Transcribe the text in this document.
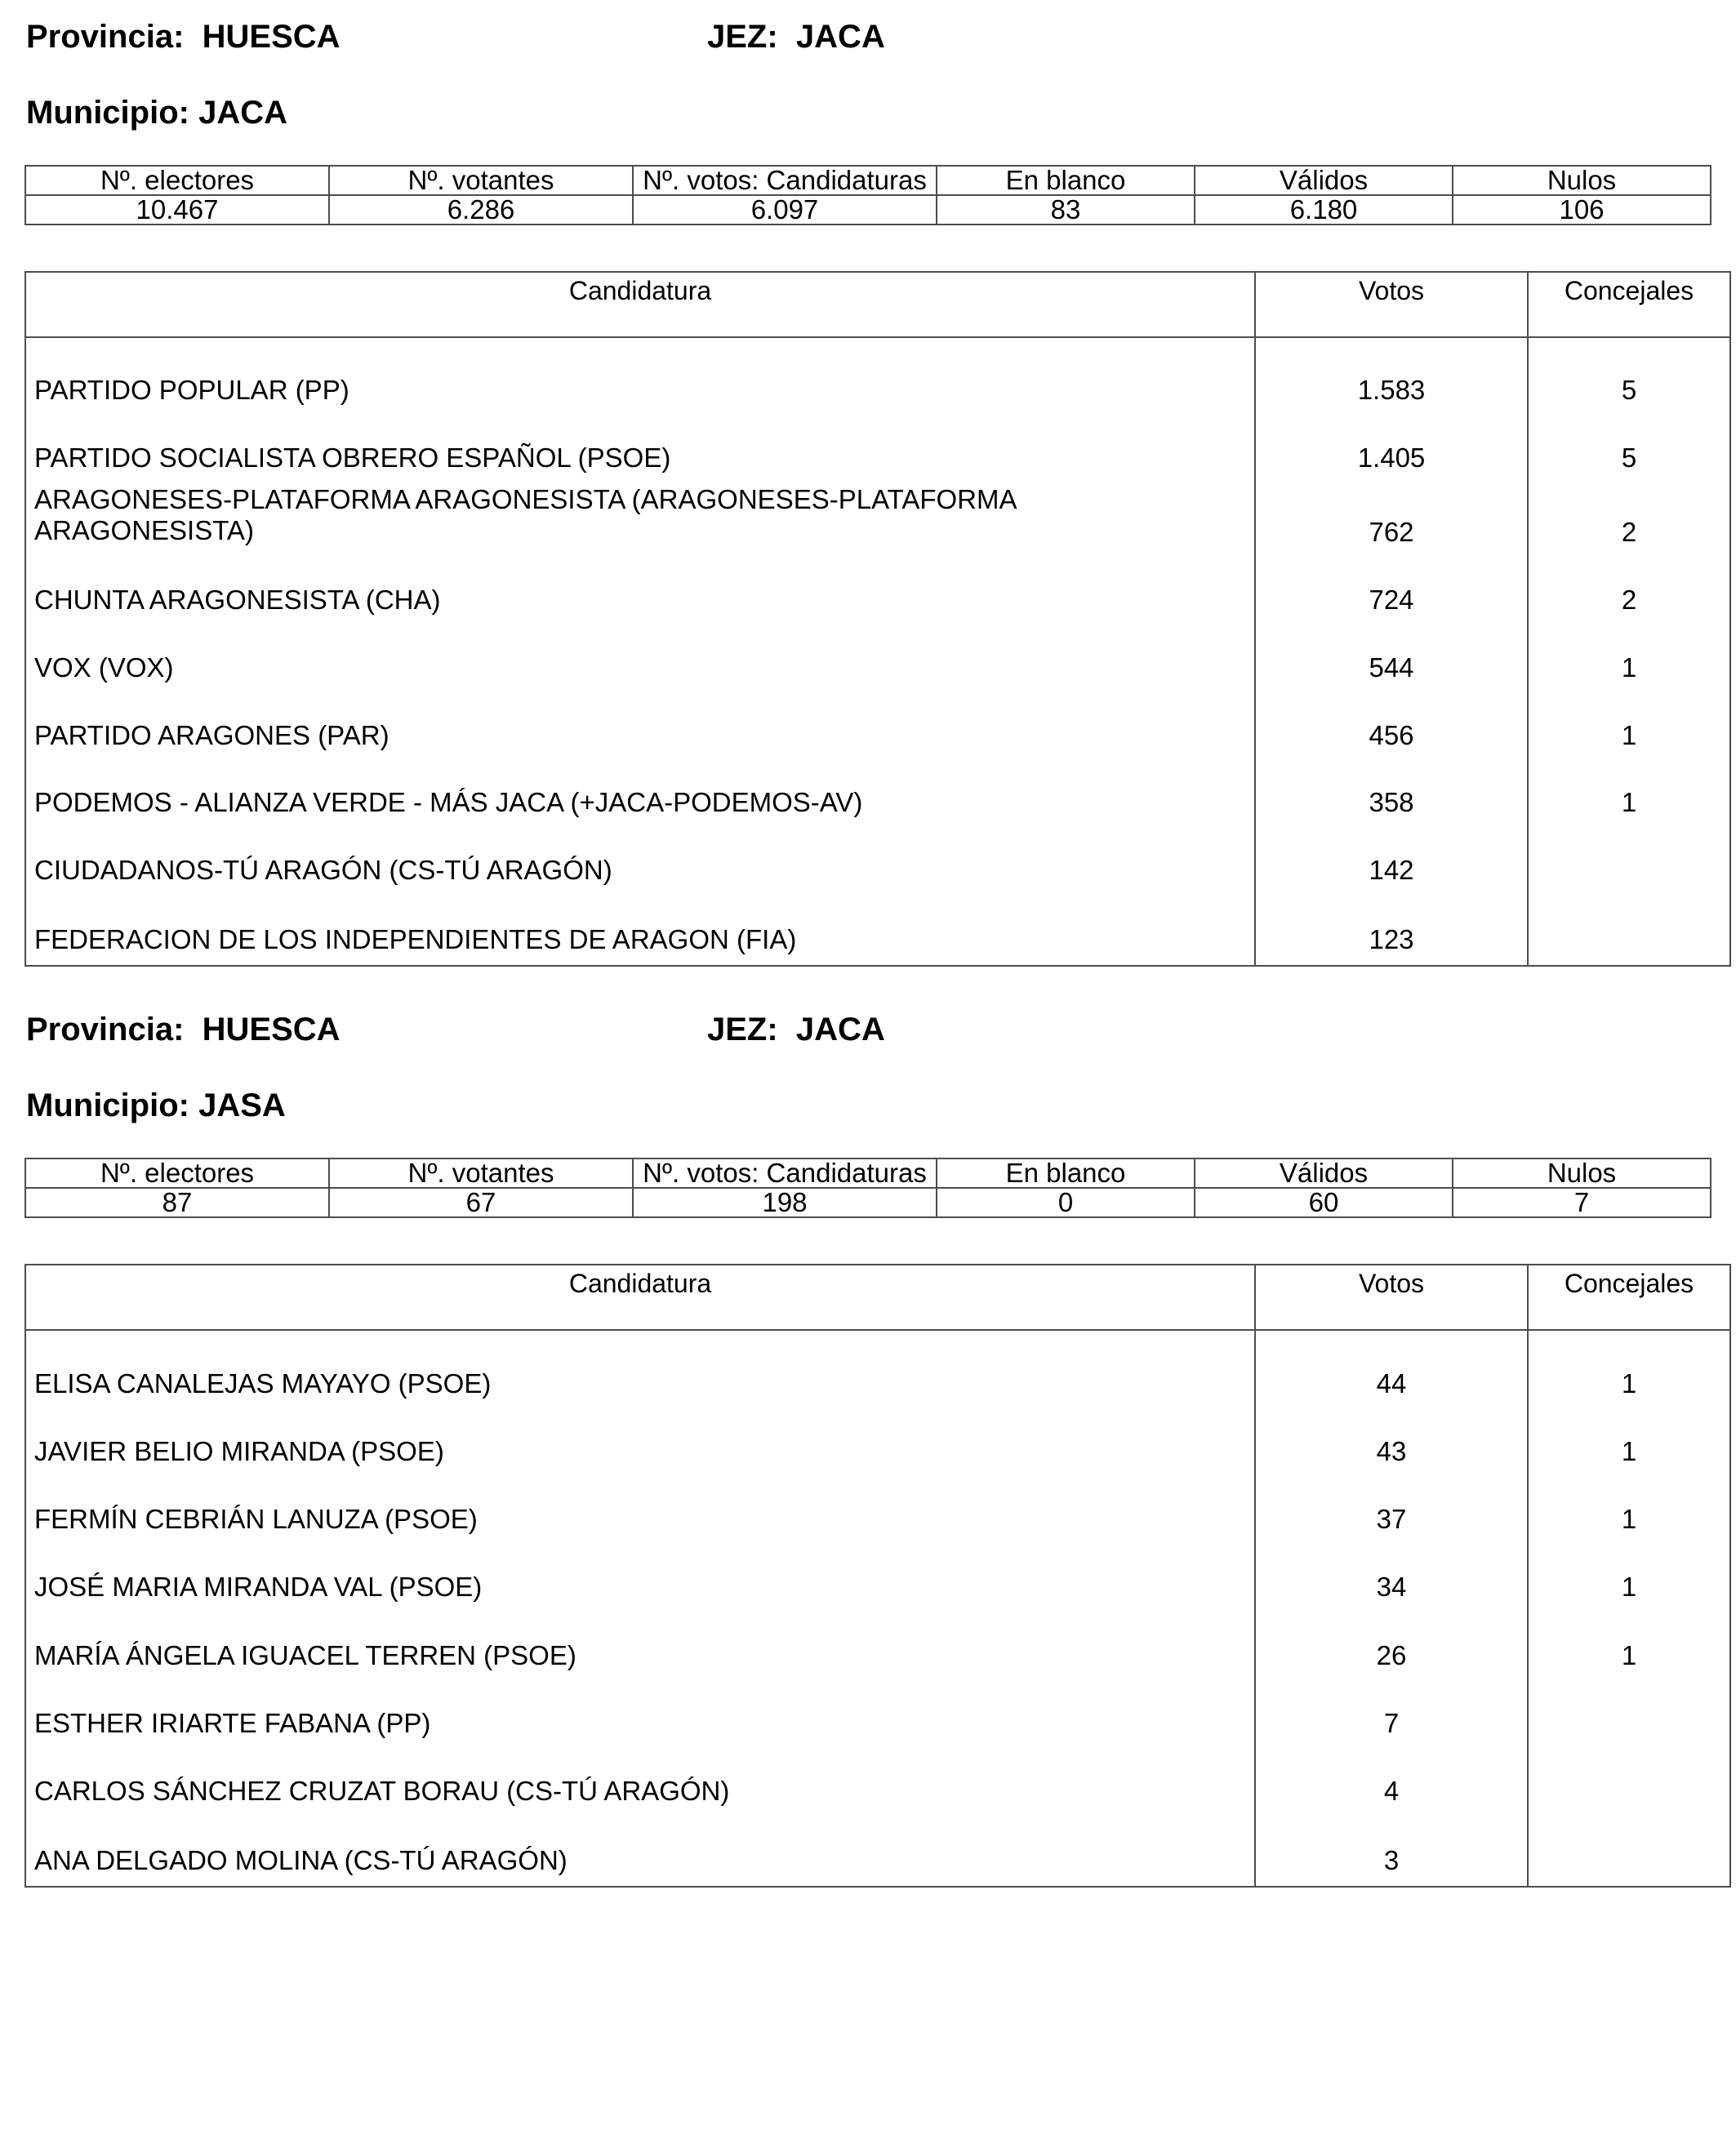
Provincia: HUESCA	JEZ: JACA
Municipio: JACA
Nº. electores	Nº. votantes	Nº. votos: Candidaturas	En blanco	Válidos	Nulos
10.467	6.286	6.097	83	6.180	106
Candidatura	Votos	Concejales
PARTIDO POPULAR (PP)	1.583	5
PARTIDO SOCIALISTA OBRERO ESPAÑOL (PSOE)	1.405	5
ARAGONESES-PLATAFORMA ARAGONESISTA (ARAGONESES-PLATAFORMA
ARAGONESISTA)	762	2
CHUNTA ARAGONESISTA (CHA)	724	2
VOX (VOX)	544	1
PARTIDO ARAGONES (PAR)	456	1
PODEMOS - ALIANZA VERDE - MÁS JACA (+JACA-PODEMOS-AV)	358	1
CIUDADANOS-TÚ ARAGÓN (CS-TÚ ARAGÓN)	142
FEDERACION DE LOS INDEPENDIENTES DE ARAGON (FIA)	123
Provincia: HUESCA	JEZ: JACA
Municipio: JASA
Nº. electores	Nº. votantes	Nº. votos: Candidaturas	En blanco	Válidos	Nulos
87	67	198	0	60	7
Candidatura	Votos	Concejales
ELISA CANALEJAS MAYAYO (PSOE)	44	1
JAVIER BELIO MIRANDA (PSOE)	43	1
FERMÍN CEBRIÁN LANUZA (PSOE)	37	1
JOSÉ MARIA MIRANDA VAL (PSOE)	34	1
MARÍA ÁNGELA IGUACEL TERREN (PSOE)	26	1
ESTHER IRIARTE FABANA (PP)	7
CARLOS SÁNCHEZ CRUZAT BORAU (CS-TÚ ARAGÓN)	4
ANA DELGADO MOLINA (CS-TÚ ARAGÓN)	3
